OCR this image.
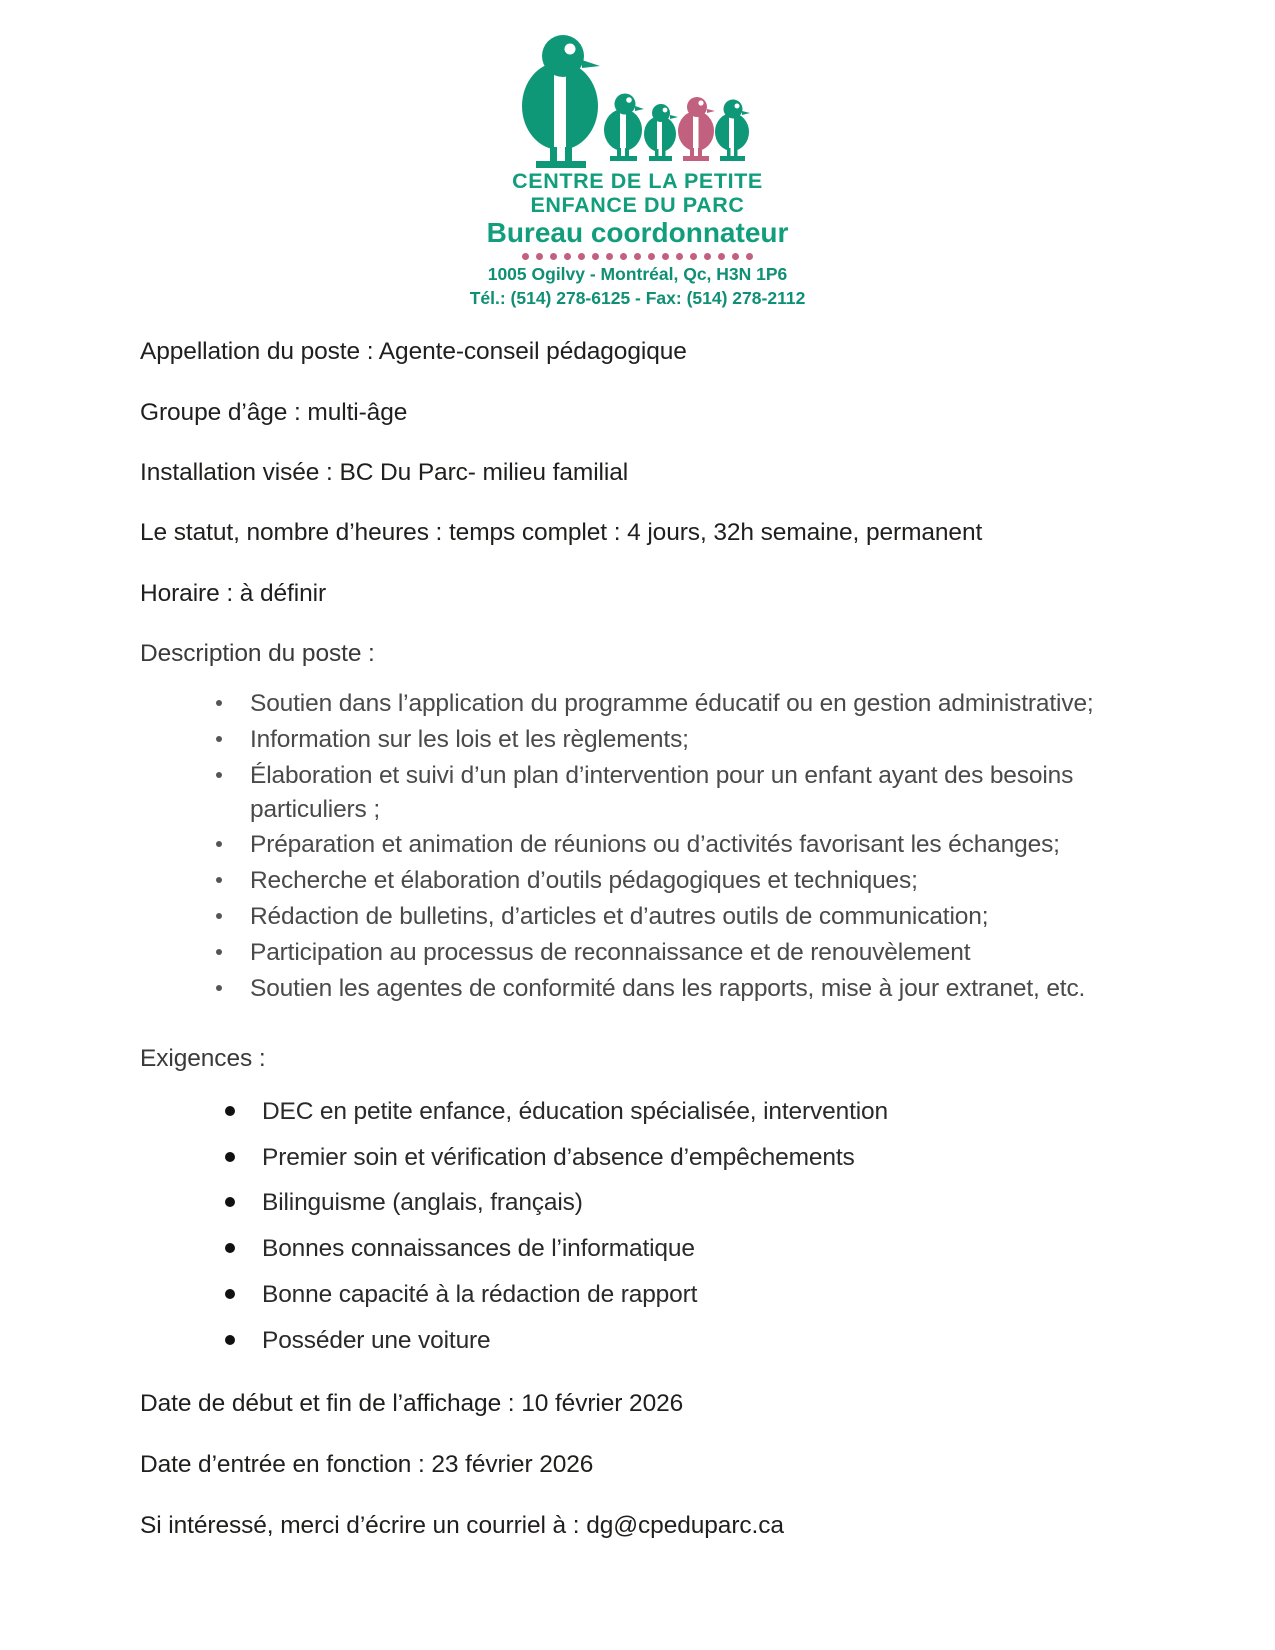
CENTRE DE LA PETITE
ENFANCE DU PARC
Bureau coordonnateur
1005 Ogilvy - Montréal, Qc, H3N 1P6
Tél.: (514) 278-6125 - Fax: (514) 278-2112

Appellation du poste : Agente-conseil pédagogique

Groupe d’âge : multi-âge

Installation visée : BC Du Parc- milieu familial

Le statut, nombre d’heures : temps complet : 4 jours, 32h semaine, permanent

Horaire : à définir

Description du poste :

Soutien dans l’application du programme éducatif ou en gestion administrative;
Information sur les lois et les règlements;
Élaboration et suivi d’un plan d’intervention pour un enfant ayant des besoins particuliers ;
Préparation et animation de réunions ou d’activités favorisant les échanges;
Recherche et élaboration d’outils pédagogiques et techniques;
Rédaction de bulletins, d’articles et d’autres outils de communication;
Participation au processus de reconnaissance et de renouvèlement
Soutien les agentes de conformité dans les rapports, mise à jour extranet, etc.

Exigences :

DEC en petite enfance, éducation spécialisée, intervention
Premier soin et vérification d’absence d’empêchements
Bilinguisme (anglais, français)
Bonnes connaissances de l’informatique
Bonne capacité à la rédaction de rapport
Posséder une voiture

Date de début et fin de l’affichage : 10 février 2026

Date d’entrée en fonction : 23 février 2026

Si intéressé, merci d’écrire un courriel à : dg@cpeduparc.ca
